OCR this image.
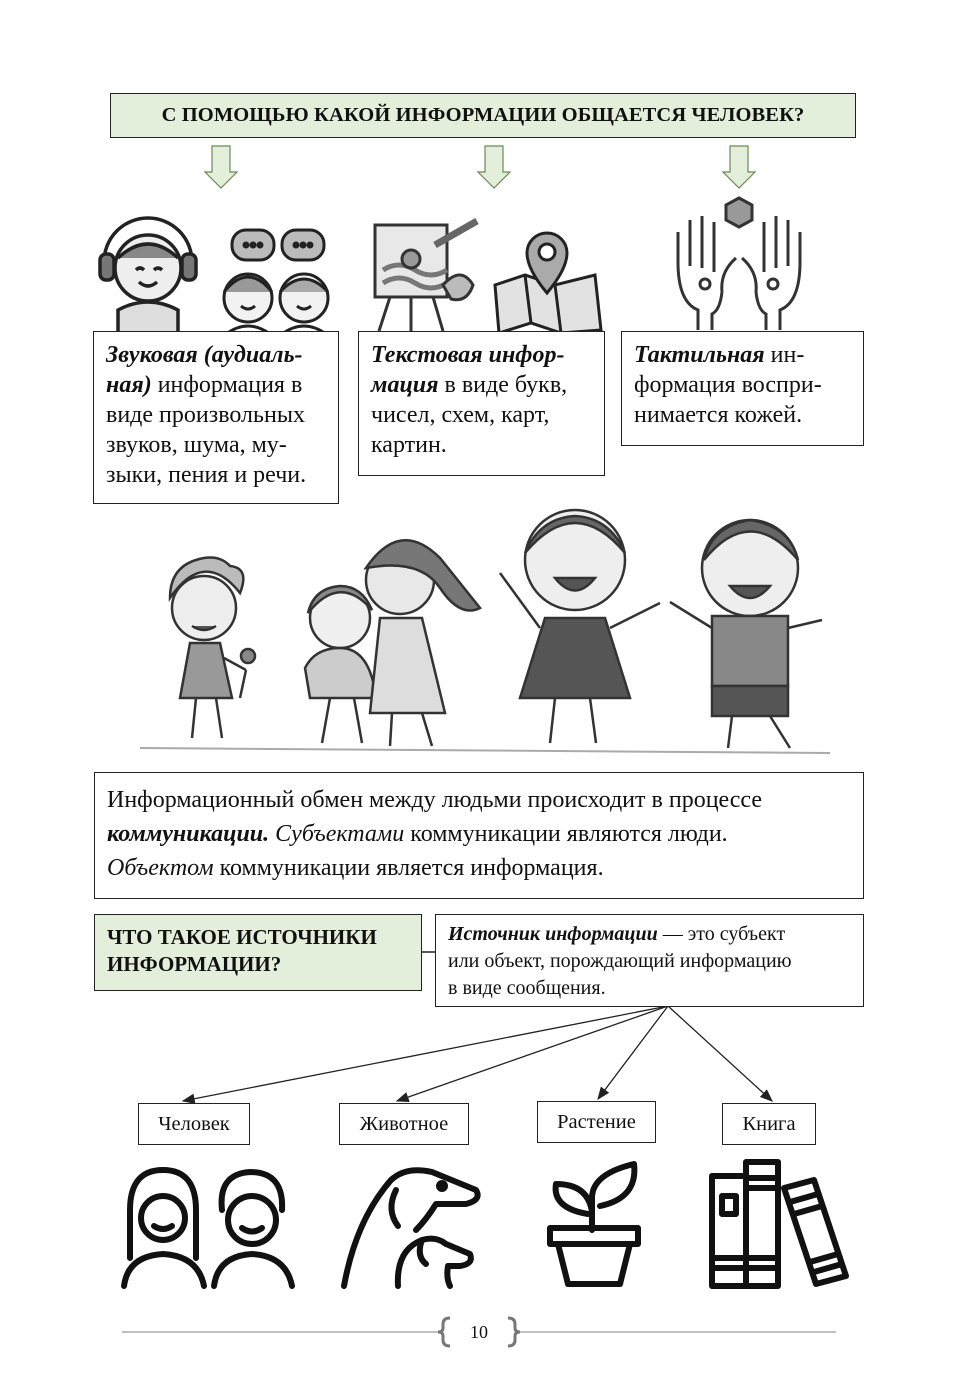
С ПОМОЩЬЮ КАКОЙ ИНФОРМАЦИИ ОБЩАЕТСЯ ЧЕЛОВЕК?
Звуковая (аудиаль-
ная) информация в
виде произвольных
звуков, шума, му-
зыки, пения и речи.
Текстовая инфор-
мация в виде букв,
чисел, схем, карт,
картин.
Тактильная ин-
формация воспри-
нимается кожей.
Информационный обмен между людьми происходит в процессе
коммуникации. Субъектами коммуникации являются люди.
Объектом коммуникации является информация.
ЧТО ТАКОЕ ИСТОЧНИКИ
ИНФОРМАЦИИ?
Источник информации — это субъект
или объект, порождающий информацию
в виде сообщения.
Человек	Животное	Растение	Книга
10
